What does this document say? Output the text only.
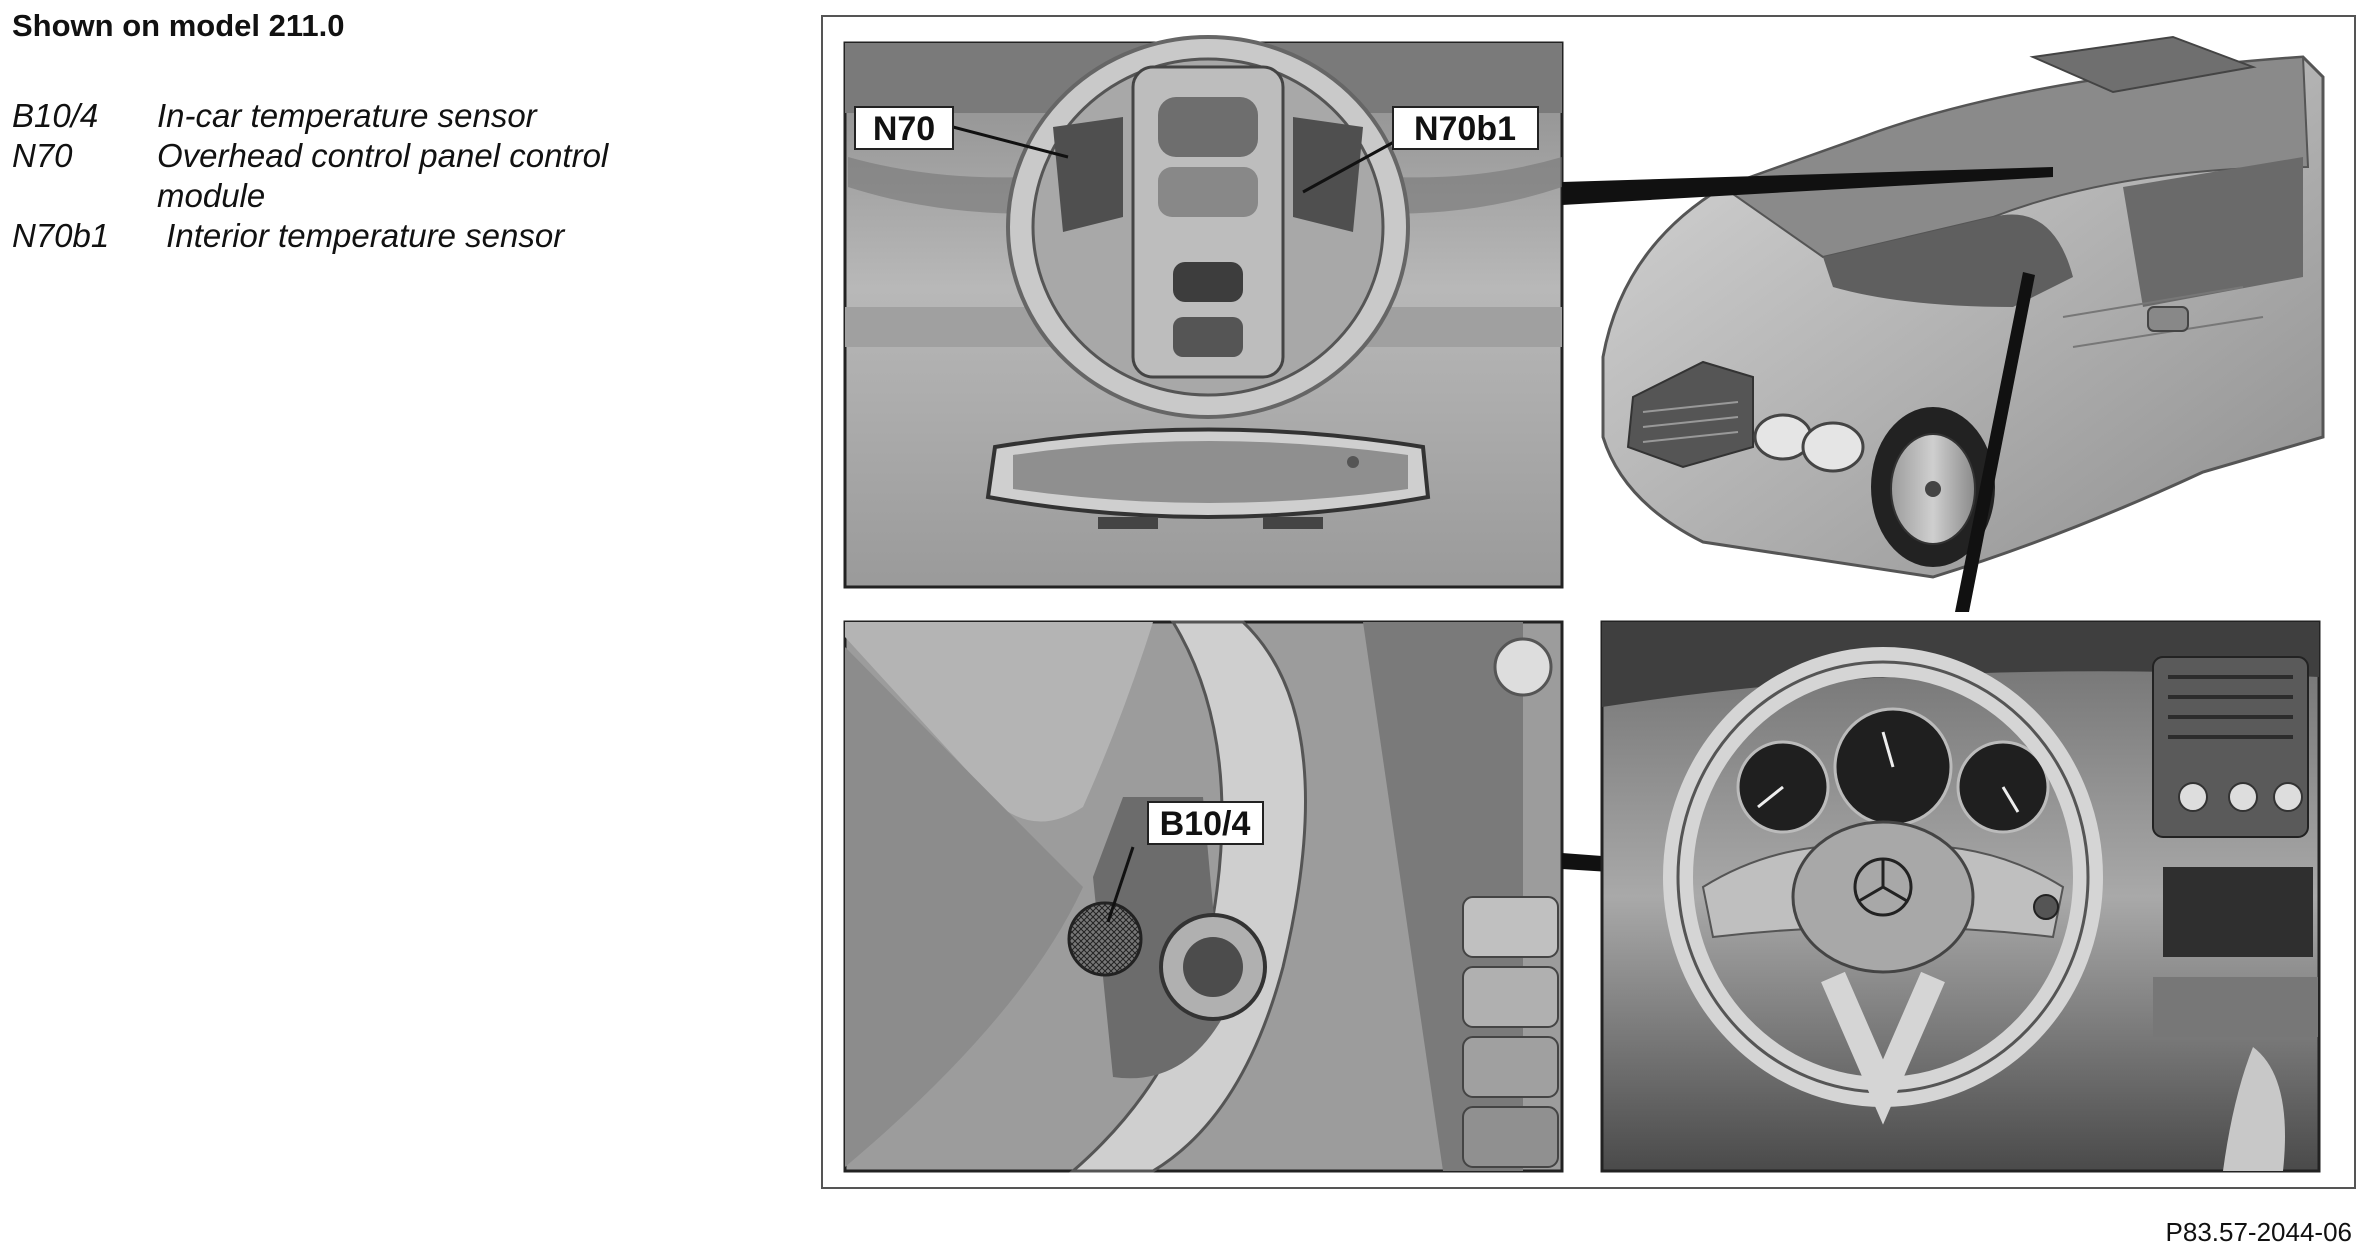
Shown on model 211.0
B10/4	In-car temperature sensor
N70	Overhead control panel control module
N70b1	Interior temperature sensor
N70	N70b1
B10/4
P83.57-2044-06
